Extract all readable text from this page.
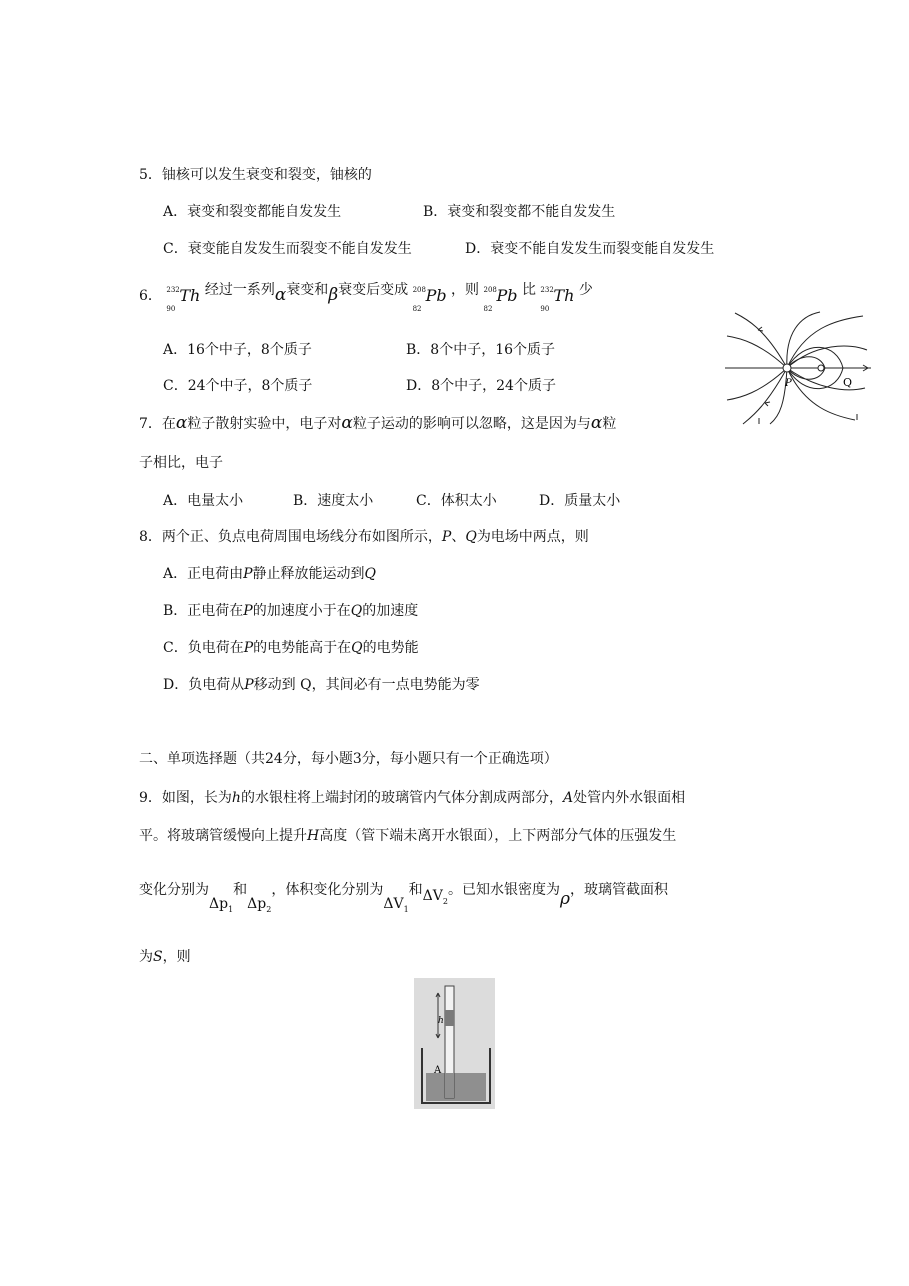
5．铀核可以发生衰变和裂变，铀核的
A．衰变和裂变都能自发发生	B．衰变和裂变都不能自发发生
C．衰变能自发发生而裂变不能自发发生	D．衰变不能自发发生而裂变能自发发生
6． 232
90
Th 经过一系列α衰变和β衰变后变成 208
82
Pb ，则 208
82
Pb 比 232
90
Th 少
A．16个中子，8个质子	B．8个中子，16个质子
C．24个中子，8个质子	D．8个中子，24个质子	P	Q
7．在α粒子散射实验中，电子对α粒子运动的影响可以忽略，这是因为与α粒
子相比，电子
A．电量太小	B．速度太小	C．体积太小	D．质量太小
8．两个正、负点电荷周围电场线分布如图所示，P、Q为电场中两点，则
A．正电荷由P静止释放能运动到Q
B．正电荷在P的加速度小于在Q的加速度
C．负电荷在P的电势能高于在Q的电势能
D．负电荷从P移动到 Q，其间必有一点电势能为零
二、单项选择题（共24分，每小题3分，每小题只有一个正确选项）
9．如图，长为h的水银柱将上端封闭的玻璃管内气体分割成两部分，A处管内外水银面相
平。将玻璃管缓慢向上提升H高度（管下端未离开水银面），上下两部分气体的压强发生
变化分别为$\Delta p_1$和$\Delta p_2$，体积变化分别为$\Delta V_1$和$\Delta V_2$。已知水银密度为ρ，玻璃管截面积
为S，则
h
A
